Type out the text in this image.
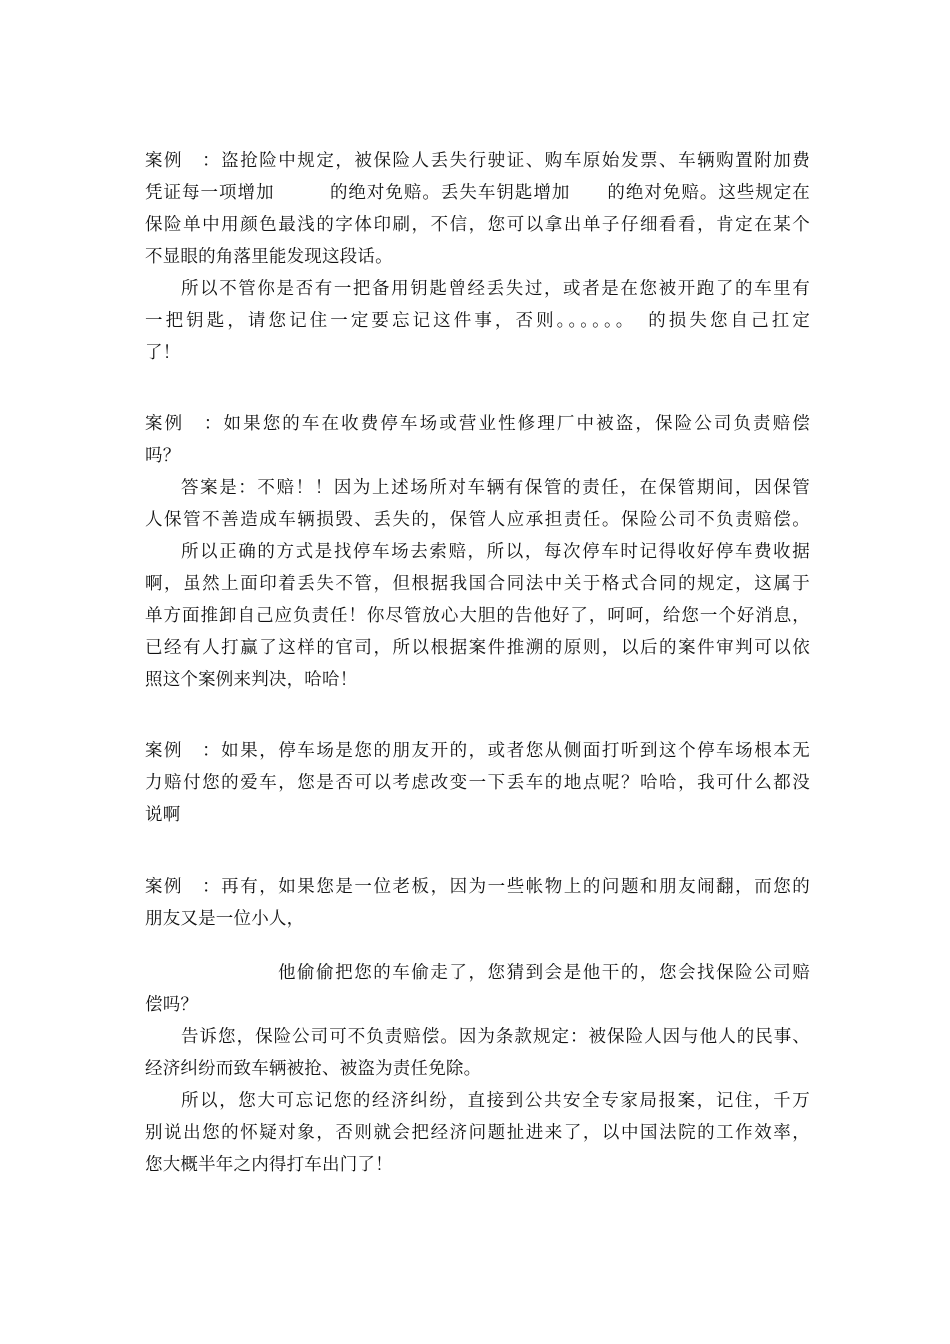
案例　：盗抢险中规定，被保险人丢失行驶证、购车原始发票、车辆购置附加费
凭证每一项增加　　　的绝对免赔。丢失车钥匙增加　　的绝对免赔。这些规定在
保险单中用颜色最浅的字体印刷，不信，您可以拿出单子仔细看看，肯定在某个
不显眼的角落里能发现这段话。
所以不管你是否有一把备用钥匙曾经丢失过，或者是在您被开跑了的车里有
一把钥匙，请您记住一定要忘记这件事，否则。。。。。。　的损失您自己扛定
了！
案例　：如果您的车在收费停车场或营业性修理厂中被盗，保险公司负责赔偿
吗？
答案是：不赔！！因为上述场所对车辆有保管的责任，在保管期间，因保管
人保管不善造成车辆损毁、丢失的，保管人应承担责任。保险公司不负责赔偿。
所以正确的方式是找停车场去索赔，所以，每次停车时记得收好停车费收据
啊，虽然上面印着丢失不管，但根据我国合同法中关于格式合同的规定，这属于
单方面推卸自己应负责任！你尽管放心大胆的告他好了，呵呵，给您一个好消息，
已经有人打赢了这样的官司，所以根据案件推溯的原则，以后的案件审判可以依
照这个案例来判决，哈哈！
案例　：如果，停车场是您的朋友开的，或者您从侧面打听到这个停车场根本无
力赔付您的爱车，您是否可以考虑改变一下丢车的地点呢？哈哈，我可什么都没
说啊
案例　：再有，如果您是一位老板，因为一些帐物上的问题和朋友闹翻，而您的
朋友又是一位小人，
他偷偷把您的车偷走了，您猜到会是他干的，您会找保险公司赔
偿吗？
告诉您，保险公司可不负责赔偿。因为条款规定：被保险人因与他人的民事、
经济纠纷而致车辆被抢、被盗为责任免除。
所以，您大可忘记您的经济纠纷，直接到公共安全专家局报案，记住，千万
别说出您的怀疑对象，否则就会把经济问题扯进来了，以中国法院的工作效率，
您大概半年之内得打车出门了！
